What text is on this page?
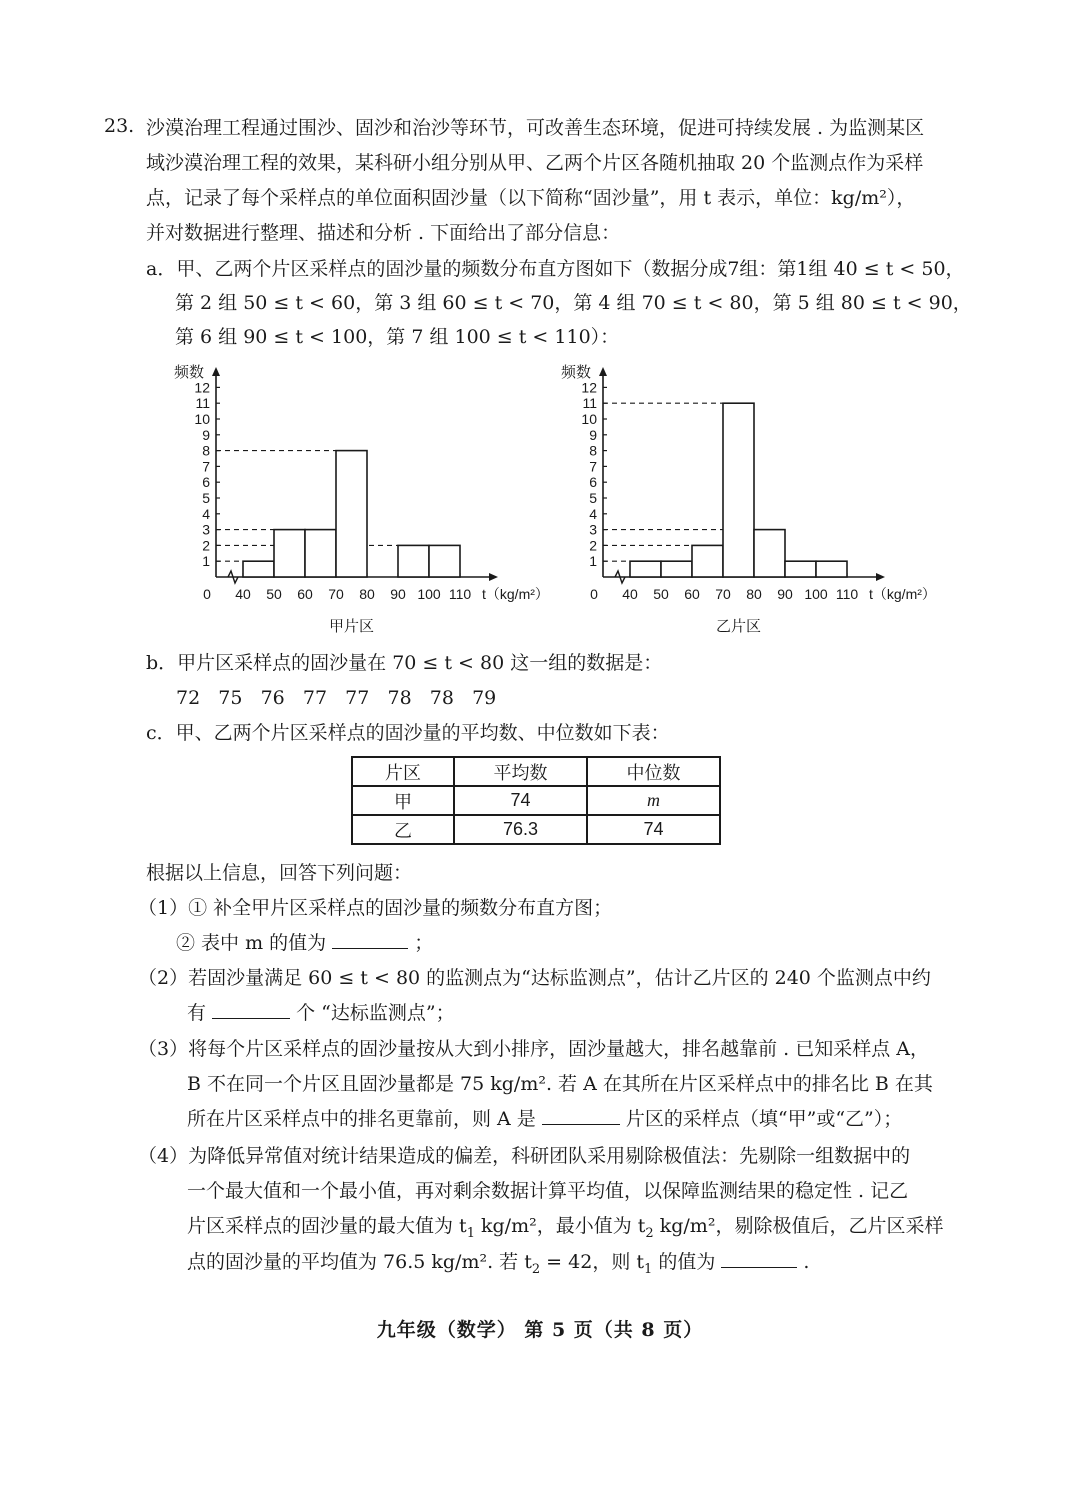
23. 沙漠治理工程通过围沙、固沙和治沙等环节，可改善生态环境，促进可持续发展 . 为监测某区
域沙漠治理工程的效果，某科研小组分别从甲、乙两个片区各随机抽取 20 个监测点作为采样
点，记录了每个采样点的单位面积固沙量（以下简称“固沙量”，用 t 表示，单位：kg/m²），
并对数据进行整理、描述和分析 . 下面给出了部分信息：
a．甲、乙两个片区采样点的固沙量的频数分布直方图如下（数据分成7组：第1组 40 ≤ t < 50，
第 2 组 50 ≤ t < 60，第 3 组 60 ≤ t < 70，第 4 组 70 ≤ t < 80，第 5 组 80 ≤ t < 90，
第 6 组 90 ≤ t < 100，第 7 组 100 ≤ t < 110）：
1
2
3
4
5
6
7
8
9
10
11
12
频数
40 50 60 70 80 90 100 110
0	t（kg/m²）
甲片区
1
2
3
4
5
6
7
8
9
10
11
12
频数
40 50 60 70 80 90 100 110
0	t（kg/m²）
乙片区
b．甲片区采样点的固沙量在 70 ≤ t < 80 这一组的数据是：
72   75   76   77   77   78   78   79
c．甲、乙两个片区采样点的固沙量的平均数、中位数如下表：
片区	平均数	中位数
甲	74	m
乙	76.3	74
根据以上信息，回答下列问题：
（1）① 补全甲片区采样点的固沙量的频数分布直方图；
② 表中 m 的值为	；
（2）若固沙量满足 60 ≤ t < 80 的监测点为“达标监测点”，估计乙片区的 240 个监测点中约
有	个 “达标监测点”；
（3）将每个片区采样点的固沙量按从大到小排序，固沙量越大，排名越靠前 . 已知采样点 A，
B 不在同一个片区且固沙量都是 75 kg/m². 若 A 在其所在片区采样点中的排名比 B 在其
所在片区采样点中的排名更靠前，则 A 是	片区的采样点（填“甲”或“乙”）；
（4）为降低异常值对统计结果造成的偏差，科研团队采用剔除极值法：先剔除一组数据中的
一个最大值和一个最小值，再对剩余数据计算平均值，以保障监测结果的稳定性 . 记乙
片区采样点的固沙量的最大值为 $t_1$ kg/m²，最小值为 $t_2$ kg/m²，剔除极值后，乙片区采样
点的固沙量的平均值为 76.5 kg/m². 若 $t_2 = 42$，则 $t_1$ 的值为	.
九年级（数学） 第 5 页（共 8 页）
